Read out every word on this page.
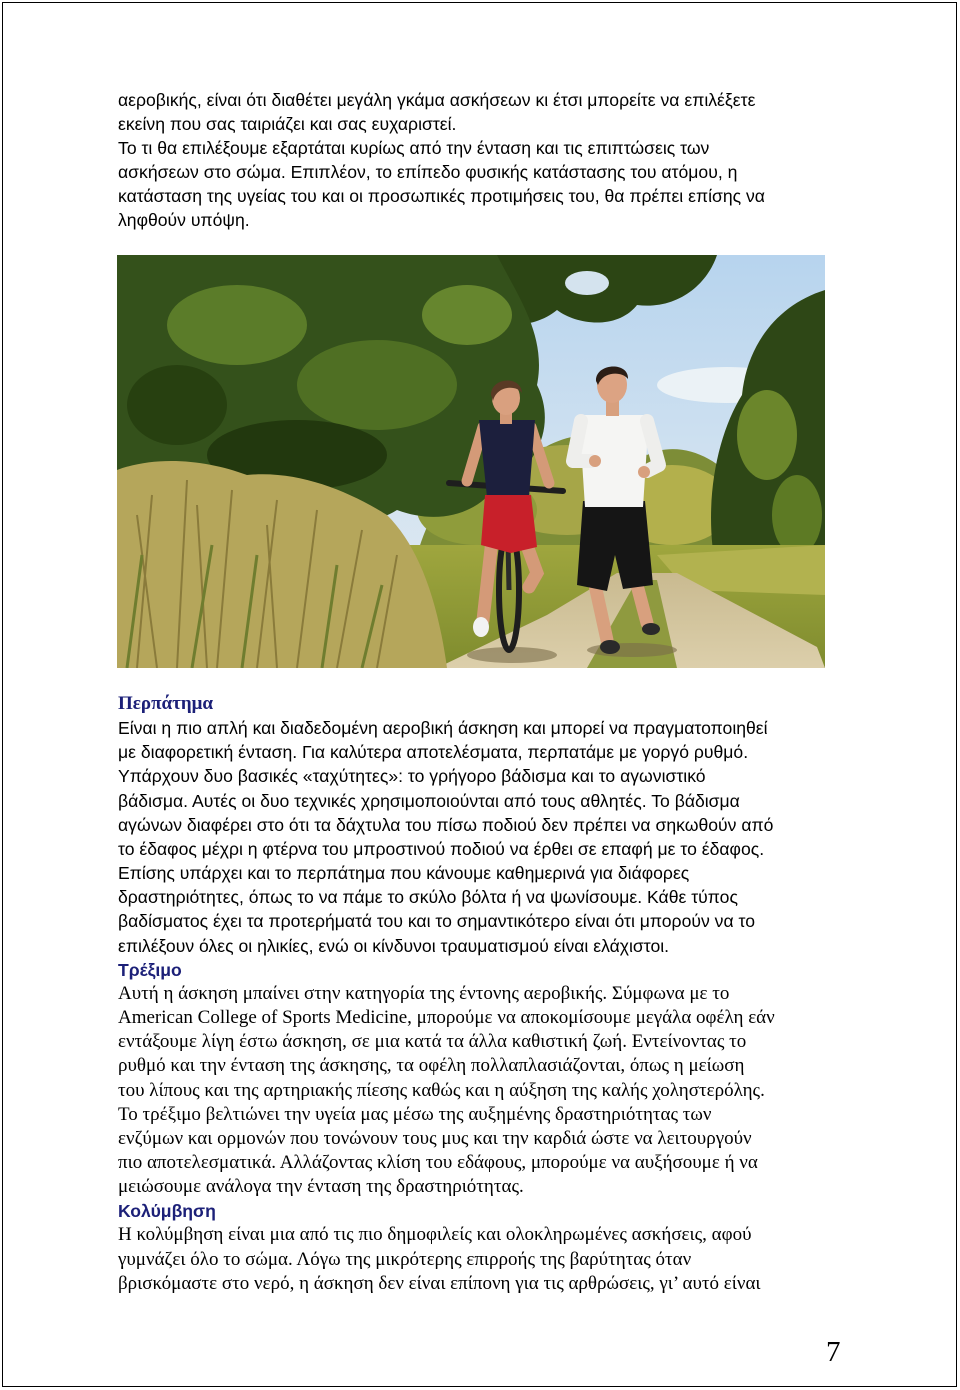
αεροβικής, είναι ότι διαθέτει μεγάλη γκάμα ασκήσεων κι έτσι μπορείτε να επιλέξετε
εκείνη που σας ταιριάζει και σας ευχαριστεί.
Το τι θα επιλέξουμε εξαρτάται κυρίως από την ένταση και τις επιπτώσεις των
ασκήσεων στο σώμα. Επιπλέον, το επίπεδο φυσικής κατάστασης του ατόμου, η
κατάσταση της υγείας του και οι προσωπικές προτιμήσεις του, θα πρέπει επίσης να
ληφθούν υπόψη.
Περπάτημα
Είναι η πιο απλή και διαδεδομένη αεροβική άσκηση και μπορεί να πραγματοποιηθεί
με διαφορετική ένταση. Για καλύτερα αποτελέσματα, περπατάμε με γοργό ρυθμό.
Υπάρχουν δυο βασικές «ταχύτητες»: το γρήγορο βάδισμα και το αγωνιστικό
βάδισμα. Αυτές οι δυο τεχνικές χρησιμοποιούνται από τους αθλητές. Το βάδισμα
αγώνων διαφέρει στο ότι τα δάχτυλα του πίσω ποδιού δεν πρέπει να σηκωθούν από
το έδαφος μέχρι η φτέρνα του μπροστινού ποδιού να έρθει σε επαφή με το έδαφος.
Επίσης υπάρχει και το περπάτημα που κάνουμε καθημερινά για διάφορες
δραστηριότητες, όπως το να πάμε το σκύλο βόλτα ή να ψωνίσουμε. Κάθε τύπος
βαδίσματος έχει τα προτερήματά του και το σημαντικότερο είναι ότι μπορούν να το
επιλέξουν όλες οι ηλικίες, ενώ οι κίνδυνοι τραυματισμού είναι ελάχιστοι.
Τρέξιμο
Αυτή η άσκηση μπαίνει στην κατηγορία της έντονης αεροβικής. Σύμφωνα με το
American College of Sports Medicine, μπορούμε να αποκομίσουμε μεγάλα οφέλη εάν
εντάξουμε λίγη έστω άσκηση, σε μια κατά τα άλλα καθιστική ζωή. Εντείνοντας το
ρυθμό και την ένταση της άσκησης, τα οφέλη πολλαπλασιάζονται, όπως η μείωση
του λίπους και της αρτηριακής πίεσης καθώς και η αύξηση της καλής χοληστερόλης.
Το τρέξιμο βελτιώνει την υγεία μας μέσω της αυξημένης δραστηριότητας των
ενζύμων και ορμονών που τονώνουν τους μυς και την καρδιά ώστε να λειτουργούν
πιο αποτελεσματικά. Αλλάζοντας κλίση του εδάφους, μπορούμε να αυξήσουμε ή να
μειώσουμε ανάλογα την ένταση της δραστηριότητας.
Κολύμβηση
Η κολύμβηση είναι μια από τις πιο δημοφιλείς και ολοκληρωμένες ασκήσεις, αφού
γυμνάζει όλο το σώμα. Λόγω της μικρότερης επιρροής της βαρύτητας όταν
βρισκόμαστε στο νερό, η άσκηση δεν είναι επίπονη για τις αρθρώσεις, γι’ αυτό είναι
7
